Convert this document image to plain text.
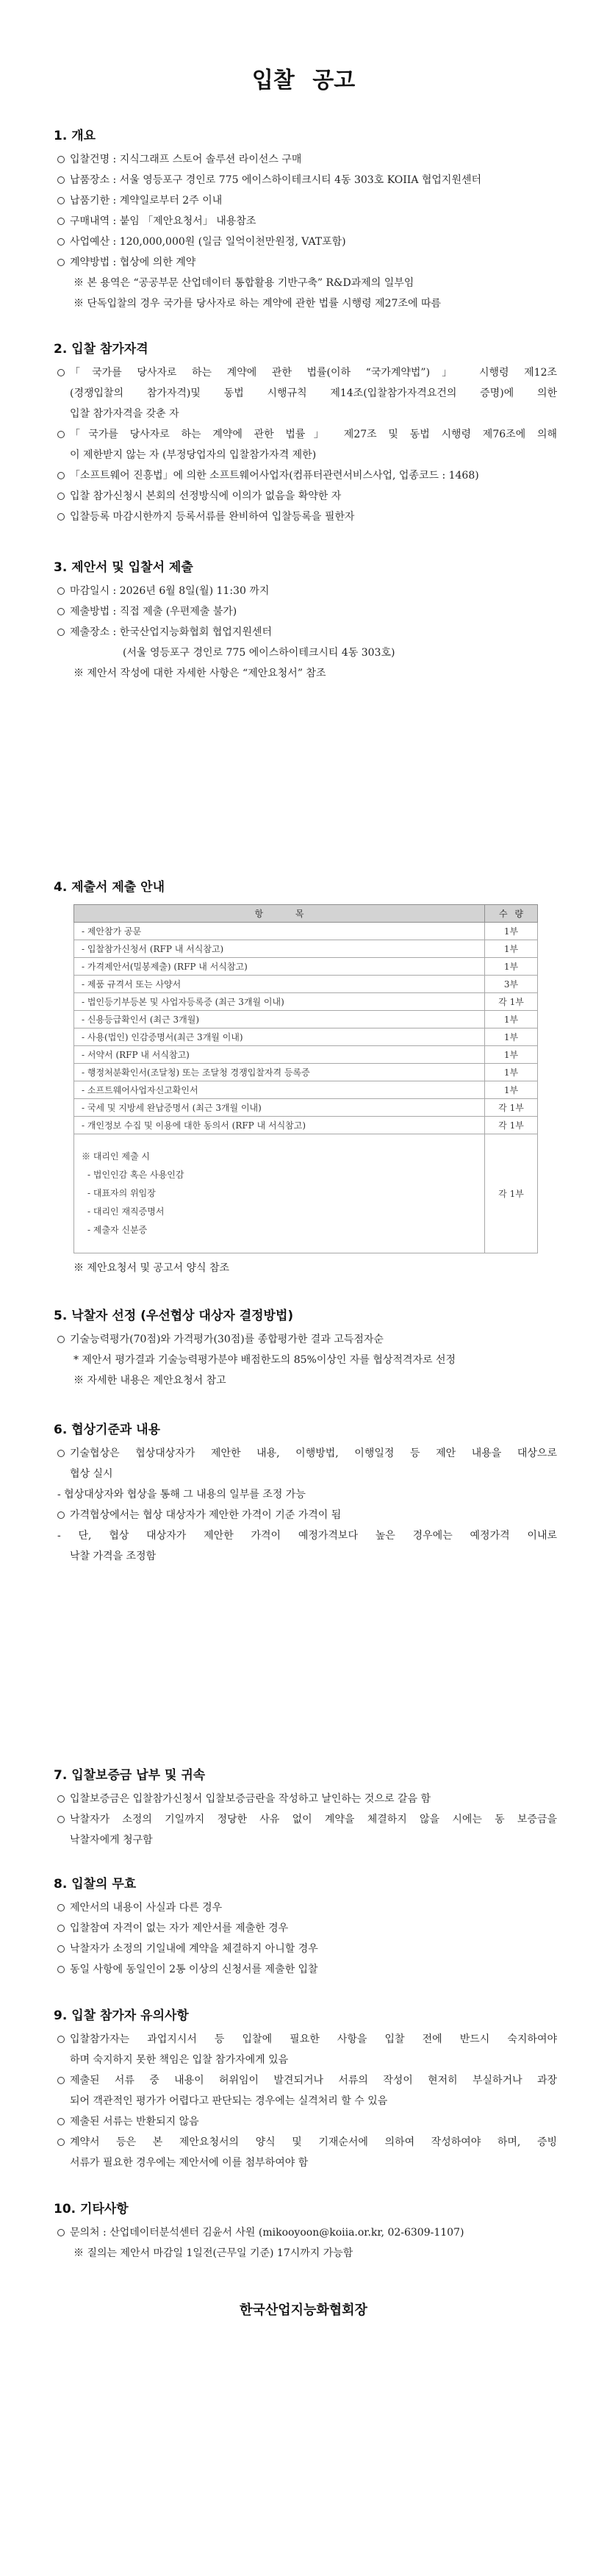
입찰 공고
1. 개요
입찰건명 : 지식그래프 스토어 솔루션 라이선스 구매
납품장소 : 서울 영등포구 경인로 775 에이스하이테크시티 4동 303호 KOIIA 협업지원센터
납품기한 : 계약일로부터 2주 이내
구매내역 : 붙임 「제안요청서」 내용참조
사업예산 : 120,000,000원 (일금 일억이천만원정, VAT포함)
계약방법 : 협상에 의한 계약
※ 본 용역은 “공공부문 산업데이터 통합활용 기반구축” R&D과제의 일부임
※ 단독입찰의 경우 국가를 당사자로 하는 계약에 관한 법률 시행령 제27조에 따름
2. 입찰 참가자격
「국가를 당사자로 하는 계약에 관한 법률(이하 “국가계약법”)」 시행령 제12조
(경쟁입찰의 참가자격)및 동법 시행규칙 제14조(입찰참가자격요건의 증명)에 의한
입찰 참가자격을 갖춘 자
「국가를 당사자로 하는 계약에 관한 법률」 제27조 및 동법 시행령 제76조에 의해
이 제한받지 않는 자 (부정당업자의 입찰참가자격 제한)
「소프트웨어 진흥법」에 의한 소프트웨어사업자(컴퓨터관련서비스사업, 업종코드 : 1468)
입찰 참가신청시 본회의 선정방식에 이의가 없음을 확약한 자
입찰등록 마감시한까지 등록서류를 완비하여 입찰등록을 필한자
3. 제안서 및 입찰서 제출
마감일시 : 2026년 6월 8일(월) 11:30 까지
제출방법 : 직접 제출 (우편제출 불가)
제출장소 : 한국산업지능화협회 협업지원센터
(서울 영등포구 경인로 775 에이스하이테크시티 4동 303호)
※ 제안서 작성에 대한 자세한 사항은 “제안요청서” 참조
4. 제출서 제출 안내
항 목	수 량
- 제안참가 공문	1부
- 입찰참가신청서 (RFP 내 서식참고)	1부
- 가격제안서(밀봉제출) (RFP 내 서식참고)	1부
- 제품 규격서 또는 사양서	3부
- 법인등기부등본 및 사업자등록증 (최근 3개월 이내)	각 1부
- 신용등급확인서 (최근 3개월)	1부
- 사용(법인) 인감증명서(최근 3개월 이내)	1부
- 서약서 (RFP 내 서식참고)	1부
- 행정처분확인서(조달청) 또는 조달청 경쟁입찰자격 등록증	1부
- 소프트웨어사업자신고확인서	1부
- 국세 및 지방세 완납증명서 (최근 3개월 이내)	각 1부
- 개인정보 수집 및 이용에 대한 동의서 (RFP 내 서식참고)	각 1부

※ 대리인 제출 시
- 법인인감 혹은 사용인감
- 대표자의 위임장
- 대리인 재직증명서
- 제출자 신분증	각 1부
※ 제안요청서 및 공고서 양식 참조
5. 낙찰자 선정 (우선협상 대상자 결정방법)
기술능력평가(70점)와 가격평가(30점)를 종합평가한 결과 고득점자순
* 제안서 평가결과 기술능력평가분야 배점한도의 85%이상인 자를 협상적격자로 선정
※ 자세한 내용은 제안요청서 참고
6. 협상기준과 내용
기술협상은 협상대상자가 제안한 내용, 이행방법, 이행일정 등 제안 내용을 대상으로
협상 실시
- 협상대상자와 협상을 통해 그 내용의 일부를 조정 가능
가격협상에서는 협상 대상자가 제안한 가격이 기준 가격이 됨
- 단, 협상 대상자가 제안한 가격이 예정가격보다 높은 경우에는 예정가격 이내로
낙찰 가격을 조정함
7. 입찰보증금 납부 및 귀속
입찰보증금은 입찰참가신청서 입찰보증금란을 작성하고 날인하는 것으로 갈음 함
낙찰자가 소정의 기일까지 정당한 사유 없이 계약을 체결하지 않을 시에는 동 보증금을
낙찰자에게 청구함
8. 입찰의 무효
제안서의 내용이 사실과 다른 경우
입찰참여 자격이 없는 자가 제안서를 제출한 경우
낙찰자가 소정의 기일내에 계약을 체결하지 아니할 경우
동일 사항에 동일인이 2통 이상의 신청서를 제출한 입찰
9. 입찰 참가자 유의사항
입찰참가자는 과업지시서 등 입찰에 필요한 사항을 입찰 전에 반드시 숙지하여야
하며 숙지하지 못한 책임은 입찰 참가자에게 있음
제출된 서류 중 내용이 허위임이 발견되거나 서류의 작성이 현저히 부실하거나 과장
되어 객관적인 평가가 어렵다고 판단되는 경우에는 실격처리 할 수 있음
제출된 서류는 반환되지 않음
계약서 등은 본 제안요청서의 양식 및 기재순서에 의하여 작성하여야 하며, 증빙
서류가 필요한 경우에는 제안서에 이를 첨부하여야 함
10. 기타사항
문의처 : 산업데이터분석센터 김윤서 사원 (mikooyoon@koiia.or.kr, 02-6309-1107)
※ 질의는 제안서 마감일 1일전(근무일 기준) 17시까지 가능함
한국산업지능화협회장
